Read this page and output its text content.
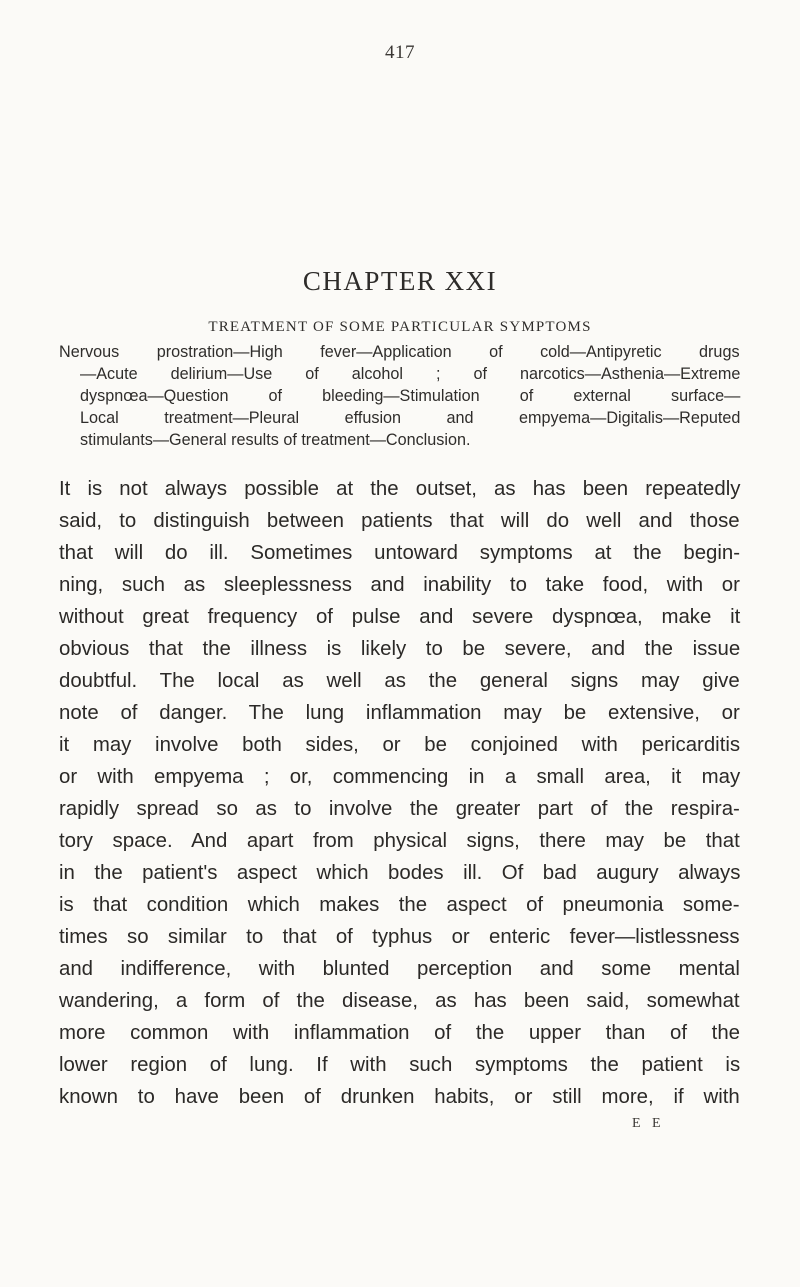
417
CHAPTER XXI
TREATMENT OF SOME PARTICULAR SYMPTOMS
Nervous prostration—High fever—Application of cold—Antipyretic drugs
—Acute delirium—Use of alcohol ; of narcotics—Asthenia—Extreme
dyspnœa—Question of bleeding—Stimulation of external surface—
Local treatment—Pleural effusion and empyema—Digitalis—Reputed
stimulants—General results of treatment—Conclusion.
It is not always possible at the outset, as has been repeatedly
said, to distinguish between patients that will do well and those
that will do ill. Sometimes untoward symptoms at the begin-
ning, such as sleeplessness and inability to take food, with or
without great frequency of pulse and severe dyspnœa, make it
obvious that the illness is likely to be severe, and the issue
doubtful. The local as well as the general signs may give
note of danger. The lung inflammation may be extensive, or
it may involve both sides, or be conjoined with pericarditis
or with empyema ; or, commencing in a small area, it may
rapidly spread so as to involve the greater part of the respira-
tory space. And apart from physical signs, there may be that
in the patient's aspect which bodes ill. Of bad augury always
is that condition which makes the aspect of pneumonia some-
times so similar to that of typhus or enteric fever—listlessness
and indifference, with blunted perception and some mental
wandering, a form of the disease, as has been said, somewhat
more common with inflammation of the upper than of the
lower region of lung. If with such symptoms the patient is
known to have been of drunken habits, or still more, if with
E E
